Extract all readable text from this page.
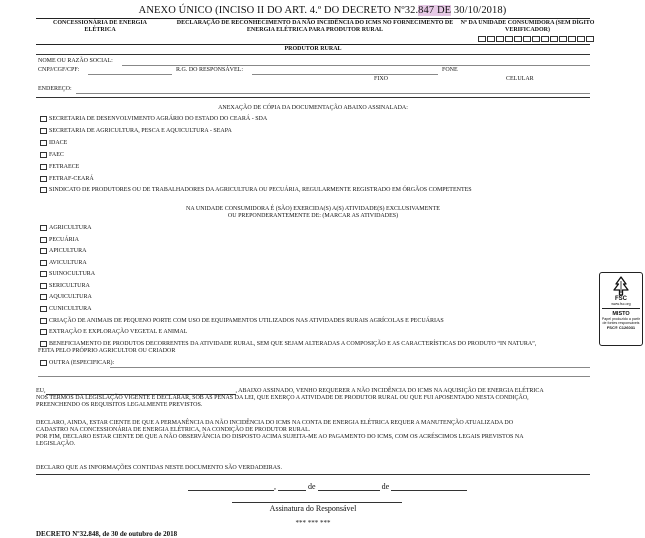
ANEXO ÚNICO (INCISO II DO ART. 4.º DO DECRETO Nº32.847 DE 30/10/2018)
CONCESSIONÁRIA DE ENERGIA ELÉTRICA
DECLARAÇÃO DE RECONHECIMENTO DA NÃO INCIDÊNCIA DO ICMS NO FORNECIMENTO DE ENERGIA ELÉTRICA PARA PRODUTOR RURAL
Nº DA UNIDADE CONSUMIDORA (SEM DÍGITO VERIFICADOR)
PRODUTOR RURAL
NOME OU RAZÃO SOCIAL:
CNPJ/CGF/CPF:	R.G. DO RESPONSÁVEL:	FONE
FIXO	CELULAR
ENDEREÇO:
ANEXAÇÃO DE CÓPIA DA DOCUMENTAÇÃO ABAIXO ASSINALADA:
SECRETARIA DE DESENVOLVIMENTO AGRÁRIO DO ESTADO DO CEARÁ - SDA
SECRETARIA DE AGRICULTURA, PESCA E AQUICULTURA - SEAPA
IDACE
FAEC
FETRAECE
FETRAF-CEARÁ
SINDICATO DE PRODUTORES OU DE TRABALHADORES DA AGRICULTURA OU PECUÁRIA, REGULARMENTE REGISTRADO EM ÓRGÃOS COMPETENTES
NA UNIDADE CONSUMIDORA É (SÃO) EXERCIDA(S) A(S) ATIVIDADE(S) EXCLUSIVAMENTE
OU PREPONDERANTEMENTE DE: (MARCAR AS ATIVIDADES)
AGRICULTURA
PECUÁRIA
APICULTURA
AVICULTURA
SUINOCULTURA
SERICULTURA
AQUICULTURA
CUNICULTURA
CRIAÇÃO DE ANIMAIS DE PEQUENO PORTE COM USO DE EQUIPAMENTOS UTILIZADOS NAS ATIVIDADES RURAIS AGRÍCOLAS E PECUÁRIAS
EXTRAÇÃO E EXPLORAÇÃO VEGETAL E ANIMAL
BENEFICIAMENTO DE PRODUTOS DECORRENTES DA ATIVIDADE RURAL, SEM QUE SEJAM ALTERADAS A COMPOSIÇÃO E AS CARACTERÍSTICAS DO PRODUTO “IN NATURA”,
FEITA PELO PRÓPRIO AGRICULTOR OU CRIADOR
OUTRA (ESPECIFICAR):
EU,	, ABAIXO ASSINADO, VENHO REQUERER A NÃO INCIDÊNCIA DO ICMS NA AQUISIÇÃO DE ENERGIA ELÉTRICA
NOS TERMOS DA LEGISLAÇÃO VIGENTE E DECLARAR, SOB AS PENAS DA LEI, QUE EXERÇO A ATIVIDADE DE PRODUTOR RURAL OU QUE FUI APOSENTADO NESTA CONDIÇÃO,
PREENCHENDO OS REQUISITOS LEGALMENTE PREVISTOS.
DECLARO, AINDA, ESTAR CIENTE DE QUE A PERMANÊNCIA DA NÃO INCIDÊNCIA DO ICMS NA CONTA DE ENERGIA ELÉTRICA REQUER A MANUTENÇÃO ATUALIZADA DO
CADASTRO NA CONCESSIONÁRIA DE ENERGIA ELÉTRICA, NA CONDIÇÃO DE PRODUTOR RURAL.
POR FIM, DECLARO ESTAR CIENTE DE QUE A NÃO OBSERVÂNCIA DO DISPOSTO ACIMA SUJEITA-ME AO PAGAMENTO DO ICMS, COM OS ACRÉSCIMOS LEGAIS PREVISTOS NA
LEGISLAÇÃO.
DECLARO QUE AS INFORMAÇÕES CONTIDAS NESTE DOCUMENTO SÃO VERDADEIRAS.
,	de	de
Assinatura do Responsável
*** *** ***
DECRETO Nº32.848, de 30 de outubro de 2018
FSC
www.fsc.org
MISTO
Papel produzido a partir de fontes responsáveis
FSC® C126031
